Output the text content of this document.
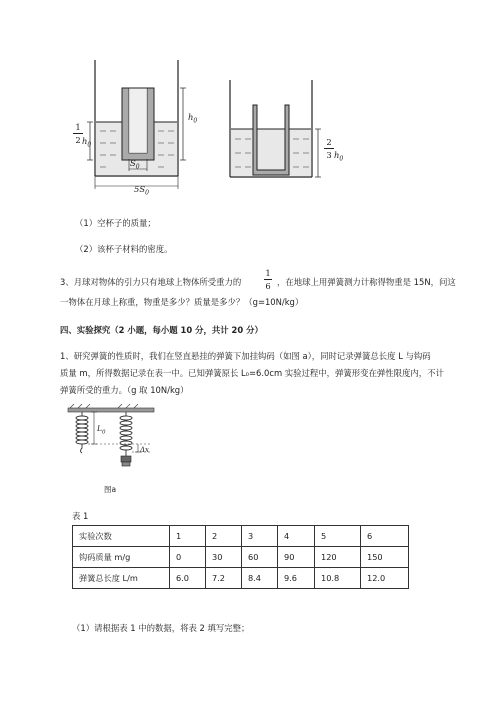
1
2 $h_0$
$h_0$
$S_0$
$5S_0$
2
3 $h_0$
（1）空杯子的质量；
（2）该杯子材料的密度。
3、月球对物体的引力只有地球上物体所受重力的
1
6 ，在地球上用弹簧测力计称得物重是 15N，问这
一物体在月球上称重，物重是多少？质量是多少？（g=10N/kg）
四、实验探究（2 小题，每小题 10 分，共计 20 分）
1、研究弹簧的性质时，我们在竖直悬挂的弹簧下加挂钩码（如图 a），同时记录弹簧总长度 L 与钩码
质量 m，所得数据记录在表一中。已知弹簧原长 L₀=6.0cm 实验过程中，弹簧形变在弹性限度内，不计
弹簧所受的重力。（g 取 10N/kg）
$L_0$
Δx
图a
表 1
实验次数	1	2	3	4	5	6
钩码质量 m/g	0	30	60	90	120	150
弹簧总长度 L/m	6.0	7.2	8.4	9.6	10.8	12.0
（1）请根据表 1 中的数据，将表 2 填写完整；
